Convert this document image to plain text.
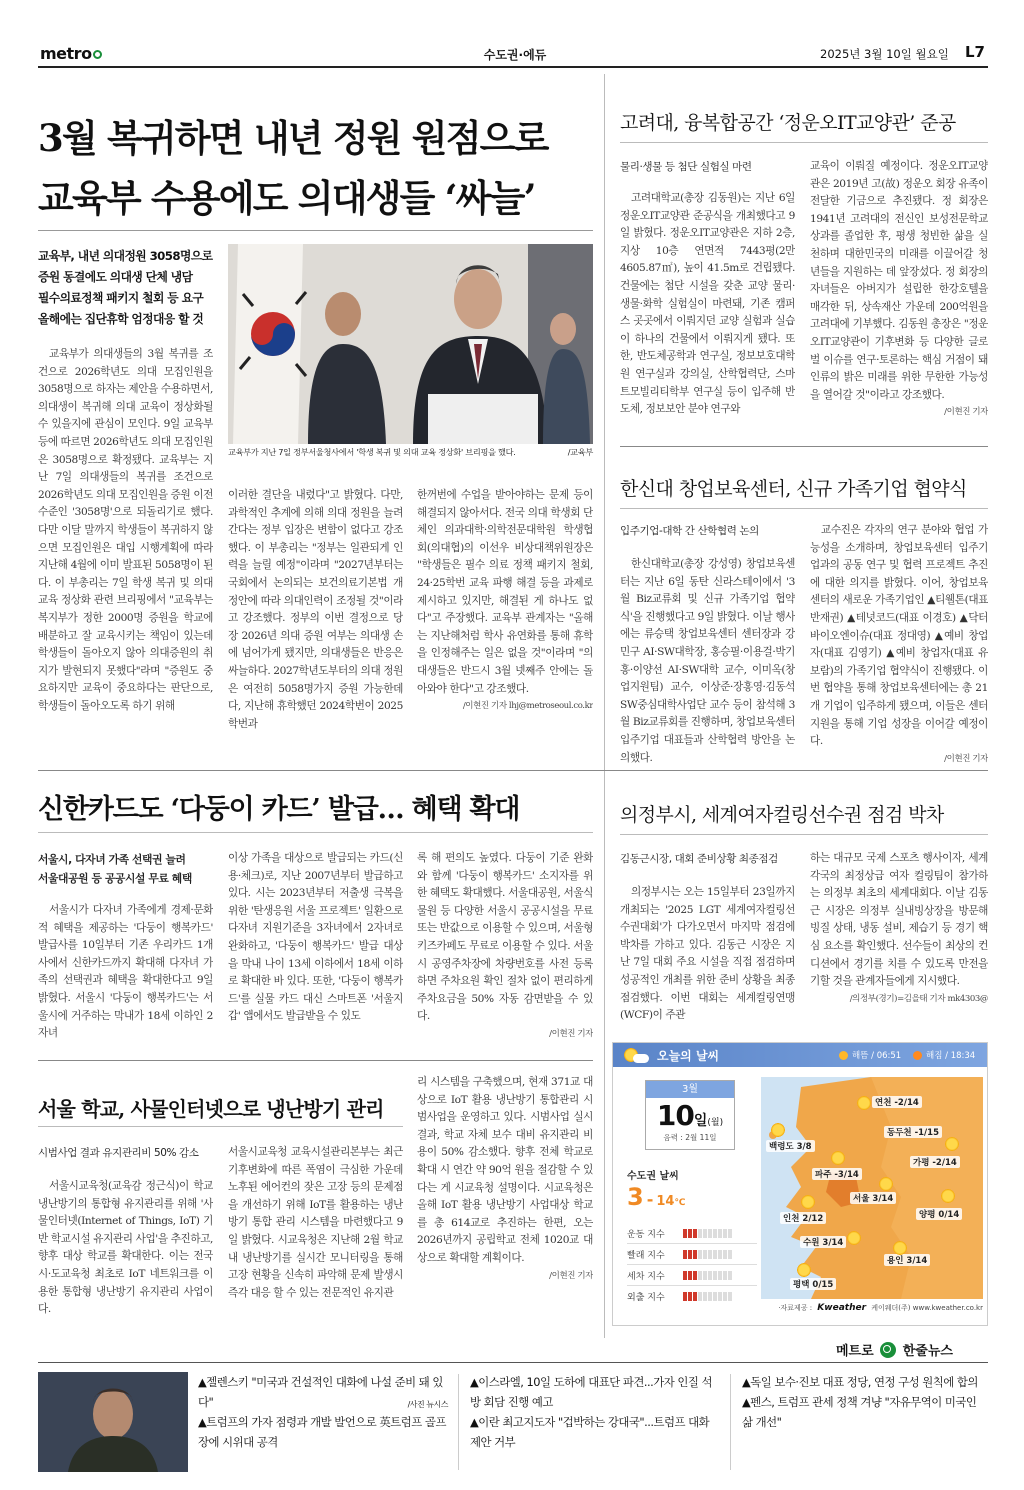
metro	수도권·에듀	2025년 3월 10일 월요일 L7
3월 복귀하면 내년 정원 원점으로
교육부 수용에도 의대생들 ‘싸늘’
교육부, 내년 의대정원 3058명으로
증원 동결에도 의대생 단체 냉담
필수의료정책 패키지 철회 등 요구
올해에는 집단휴학 엄정대응 할 것
교육부가 지난 7일 정부서울청사에서 '학생 복귀 및 의대 교육 정상화' 브리핑을 했다.	/교육부

교육부가 의대생들의 3월 복귀를 조건으로 2026학년도 의대 모집인원을 3058명으로 하자는 제안을 수용하면서, 의대생이 복귀해 의대 교육이 정상화될 수 있을지에 관심이 모인다. 9일 교육부 등에 따르면 2026학년도 의대 모집인원은 3058명으로 확정됐다. 교육부는 지난 7일 의대생들의 복귀를 조건으로 2026학년도 의대 모집인원을 증원 이전 수준인 '3058명'으로 되돌리기로 했다. 다만 이달 말까지 학생들이 복귀하지 않으면 모집인원은 대입 시행계획에 따라 지난해 4월에 이미 발표된 5058명이 된다. 이 부총리는 7일 학생 복귀 및 의대 교육 정상화 관련 브리핑에서 "교육부는 복지부가 정한 2000명 증원을 학교에 배분하고 잘 교육시키는 책임이 있는데 학생들이 돌아오지 않아 의대증원의 취지가 발현되지 못했다"라며 "증원도 중요하지만 교육이 중요하다는 판단으로, 학생들이 돌아오도록 하기 위해

이러한 결단을 내렸다"고 밝혔다. 다만, 과학적인 추계에 의해 의대 정원을 늘려 간다는 정부 입장은 변함이 없다고 강조했다. 이 부총리는 "정부는 일관되게 인력을 늘릴 예정"이라며 "2027년부터는 국회에서 논의되는 보건의료기본법 개정안에 따라 의대인력이 조정될 것"이라고 강조했다. 정부의 이번 결정으로 당장 2026년 의대 증원 여부는 의대생 손에 넘어가게 됐지만, 의대생들은 반응은 싸늘하다. 2027학년도부터의 의대 정원은 여전히 5058명가지 증원 가능한데다, 지난해 휴학했던 2024학번이 2025학번과

한꺼번에 수업을 받아야하는 문제 등이 해결되지 않아서다. 전국 의대 학생회 단체인 의과대학·의학전문대학원 학생협회(의대협)의 이선우 비상대책위원장은 "학생들은 필수 의료 정책 패키지 철회, 24·25학번 교육 파행 해결 등을 과제로 제시하고 있지만, 해결된 게 하나도 없다"고 주장했다. 교육부 관계자는 "올해는 지난해처럼 학사 유연화를 통해 휴학을 인정해주는 일은 없을 것"이라며 "의대생들은 반드시 3월 넷째주 안에는 돌아와야 한다"고 강조했다.

/이현진 기자 lhj@metroseoul.co.kr
고려대, 융복합공간 ‘정운오IT교양관’ 준공
물리·생물 등 첨단 실험실 마련

고려대학교(총장 김동원)는 지난 6일 정운오IT교양관 준공식을 개최했다고 9일 밝혔다. 정운오IT교양관은 지하 2층, 지상 10층 연면적 7443평(2만4605.87㎡), 높이 41.5m로 건립됐다. 건물에는 첨단 시설을 갖춘 교양 물리·생물·화학 실험실이 마련돼, 기존 캠퍼스 곳곳에서 이뤄지던 교양 실험과 실습이 하나의 건물에서 이뤄지게 됐다. 또한, 반도체공학과 연구실, 정보보호대학원 연구실과 강의실, 산학협력단, 스마트모빌리티학부 연구실 등이 입주해 반도체, 정보보안 분야 연구와

교육이 이뤄질 예정이다. 정운오IT교양관은 2019년 고(故) 정운오 회장 유족이 전달한 기금으로 추진됐다. 정 회장은 1941년 고려대의 전신인 보성전문학교 상과를 졸업한 후, 평생 청빈한 삶을 실천하며 대한민국의 미래를 이끌어갈 청년들을 지원하는 데 앞장섰다. 정 회장의 자녀들은 아버지가 설립한 한강호텔을 매각한 뒤, 상속재산 가운데 200억원을 고려대에 기부했다. 김동원 총장은 "정운오IT교양관이 기후변화 등 다양한 글로벌 이슈를 연구·토론하는 핵심 거점이 돼 인류의 밝은 미래를 위한 무한한 가능성을 열어갈 것"이라고 강조했다.

/이현진 기자
한신대 창업보육센터, 신규 가족기업 협약식
입주기업-대학 간 산학협력 논의

한신대학교(총장 강성영) 창업보육센터는 지난 6일 동탄 신라스테이에서 '3월 Biz교류회 및 신규 가족기업 협약식'을 진행했다고 9일 밝혔다. 이날 행사에는 류승택 창업보육센터 센터장과 강민구 AI·SW대학장, 홍승필·이용걸·박기홍·이양선 AI·SW대학 교수, 이미옥(창업지원팀) 교수, 이상준·장홍영·김동석 SW중심대학사업단 교수 등이 참석해 3월 Biz교류회를 진행하며, 창업보육센터 입주기업 대표들과 산학협력 방안을 논의했다.

교수진은 각자의 연구 분야와 협업 가능성을 소개하며, 창업보육센터 입주기업과의 공동 연구 및 협력 프로젝트 추진에 대한 의지를 밝혔다. 이어, 창업보육센터의 새로운 가족기업인 ▲티웰톤(대표 반재권) ▲테넛코드(대표 이경호) ▲닥터바이오엔이슈(대표 정대영) ▲예비 창업자(대표 김영기) ▲예비 창업자(대표 유보람)의 가족기업 협약식이 진행됐다. 이번 협약을 통해 창업보육센터에는 총 21개 기업이 입주하게 됐으며, 이들은 센터 지원을 통해 기업 성장을 이어갈 예정이다.

/이현진 기자
신한카드도 ‘다둥이 카드’ 발급… 혜택 확대
서울시, 다자녀 가족 선택권 늘려
서울대공원 등 공공시설 무료 혜택

서울시가 다자녀 가족에게 경제·문화적 혜택을 제공하는 '다둥이 행복카드' 발급사를 10일부터 기존 우리카드 1개 사에서 신한카드까지 확대해 다자녀 가족의 선택권과 혜택을 확대한다고 9일 밝혔다. 서울시 '다둥이 행복카드'는 서울시에 거주하는 막내가 18세 이하인 2자녀

이상 가족을 대상으로 발급되는 카드(신용·체크)로, 지난 2007년부터 발급하고 있다. 시는 2023년부터 저출생 극복을 위한 '탄생응원 서울 프로젝트' 일환으로 다자녀 지원기준을 3자녀에서 2자녀로 완화하고, '다둥이 행복카드' 발급 대상을 막내 나이 13세 이하에서 18세 이하로 확대한 바 있다. 또한, '다둥이 행복카드'를 실물 카드 대신 스마트폰 '서울지갑' 앱에서도 발급받을 수 있도

록 해 편의도 높였다. 다둥이 기준 완화와 함께 '다둥이 행복카드' 소지자를 위한 혜택도 확대했다. 서울대공원, 서울식물원 등 다양한 서울시 공공시설을 무료 또는 반값으로 이용할 수 있으며, 서울형 키즈카페도 무료로 이용할 수 있다. 서울시 공영주차장에 차량번호를 사전 등록하면 주차요원 확인 절차 없이 편리하게 주차요금을 50% 자동 감면받을 수 있다.

/이현진 기자
의정부시, 세계여자컬링선수권 점검 박차
김동근시장, 대회 준비상황 최종점검

의정부시는 오는 15일부터 23일까지 개최되는 '2025 LGT 세계여자컬링선수권대회'가 다가오면서 마지막 점검에 박차를 가하고 있다. 김동근 시장은 지난 7일 대회 주요 시설을 직접 점검하며 성공적인 개최를 위한 준비 상황을 최종 점검했다. 이번 대회는 세계컬링연맹(WCF)이 주관

하는 대규모 국제 스포츠 행사이자, 세계 각국의 최정상급 여자 컬링팀이 참가하는 의정부 최초의 세계대회다. 이날 김동근 시장은 의정부 실내빙상장을 방문해 빙질 상태, 냉동 설비, 제습기 등 경기 핵심 요소를 확인했다. 선수들이 최상의 컨디션에서 경기를 치를 수 있도록 만전을 기할 것을 관계자들에게 지시했다.

/의정부(경기)=김을태 기자 mk4303@
서울 학교, 사물인터넷으로 냉난방기 관리
시범사업 결과 유지관리비 50% 감소

서울시교육청(교육감 정근식)이 학교 냉난방기의 통합형 유지관리를 위해 '사물인터넷(Internet of Things, IoT) 기반 학교시설 유지관리 사업'을 추진하고, 향후 대상 학교를 확대한다. 이는 전국 시·도교육청 최초로 IoT 네트워크를 이용한 통합형 냉난방기 유지관리 사업이다.

서울시교육청 교육시설관리본부는 최근 기후변화에 따른 폭염이 극심한 가운데 노후된 에어컨의 잦은 고장 등의 문제점을 개선하기 위해 IoT를 활용하는 냉난방기 통합 관리 시스템을 마련했다고 9일 밝혔다. 시교육청은 지난해 2월 학교 내 냉난방기를 실시간 모니터링을 통해 고장 현황을 신속히 파악해 문제 발생시 즉각 대응 할 수 있는 전문적인 유지관

리 시스템을 구축했으며, 현재 371교 대상으로 IoT 활용 냉난방기 통합관리 시범사업을 운영하고 있다. 시범사업 실시 결과, 학교 자체 보수 대비 유지관리 비용이 50% 감소했다. 향후 전체 학교로 확대 시 연간 약 90억 원을 절감할 수 있다는 게 시교육청 설명이다. 시교육청은 올해 IoT 활용 냉난방기 사업대상 학교를 총 614교로 추진하는 한편, 오는 2026년까지 공립학교 전체 1020교 대상으로 확대할 계획이다.

/이현진 기자
오늘의 날씨	해뜸 / 06:51	해짐 / 18:34
3월
10일(월)
음력 : 2월 11일
수도권 날씨
3 - 14℃
운동 지수
빨래 지수
세차 지수
외출 지수
·자료제공 : Kweather 케이웨더(주) www.kweather.co.kr
연천 -2/14
동두천 -1/15
백령도 3/8
가평 -2/14
파주 -3/14
서울 3/14
양평 0/14
인천 2/12
수원 3/14
용인 3/14
평택 0/15
메트로 한줄뉴스
▲젤렌스키 "미국과 건설적인 대화에 나설 준비 돼 있다"	/사진 뉴시스
▲트럼프의 가자 점령과 개발 발언으로 英트럼프 골프장에 시위대 공격
▲이스라엘, 10일 도하에 대표단 파견...가자 인질 석방 회담 진행 예고
▲이란 최고지도자 "겁박하는 강대국"...트럼프 대화 제안 거부
▲독일 보수·진보 대표 정당, 연정 구성 원칙에 합의
▲펜스, 트럼프 관세 정책 겨냥 "자유무역이 미국인 삶 개선"
